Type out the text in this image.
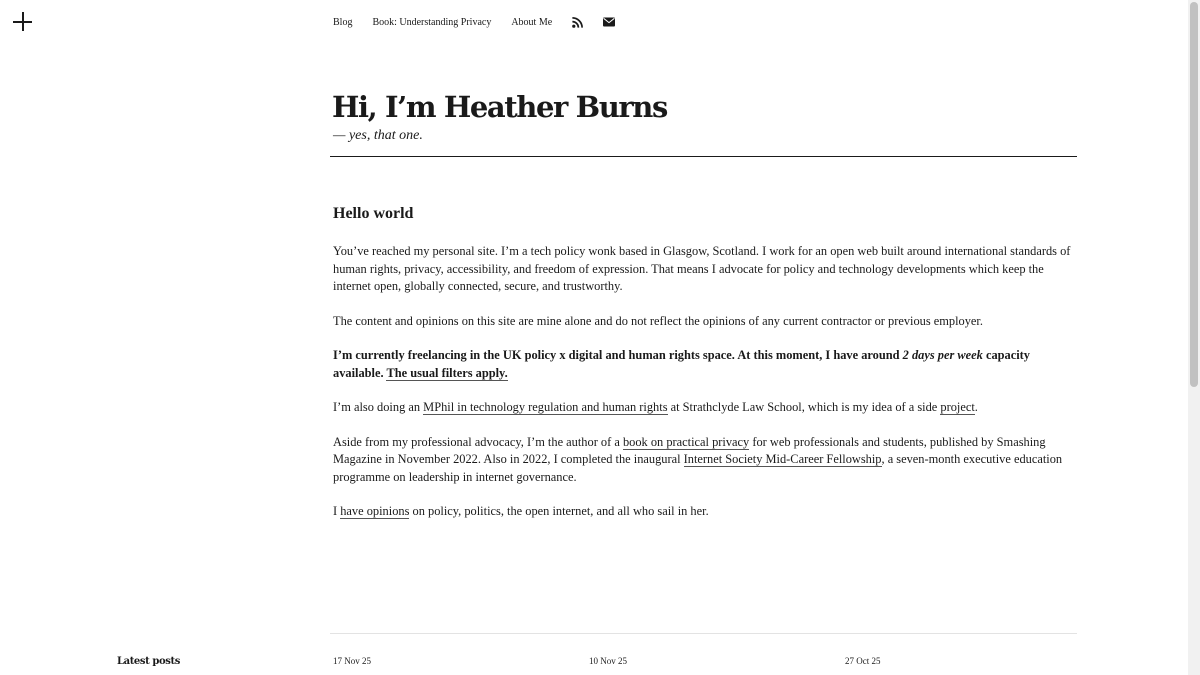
Blog Book: Understanding Privacy About Me
Hi, I’m Heather Burns

— yes, that one.

Hello world

You’ve reached my personal site. I’m a tech policy wonk based in Glasgow, Scotland. I work for an open web built around international standards of human rights, privacy, accessibility, and freedom of expression. That means I advocate for policy and technology developments which keep the internet open, globally connected, secure, and trustworthy.

The content and opinions on this site are mine alone and do not reflect the opinions of any current contractor or previous employer.

I’m currently freelancing in the UK policy x digital and human rights space. At this moment, I have around 2 days per week capacity available. The usual filters apply.

I’m also doing an MPhil in technology regulation and human rights at Strathclyde Law School, which is my idea of a side project.

Aside from my professional advocacy, I’m the author of a book on practical privacy for web professionals and students, published by Smashing Magazine in November 2022. Also in 2022, I completed the inaugural Internet Society Mid-Career Fellowship, a seven-month executive education programme on leadership in internet governance.

I have opinions on policy, politics, the open internet, and all who sail in her.

Latest posts	17 Nov 25	10 Nov 25	27 Oct 25
